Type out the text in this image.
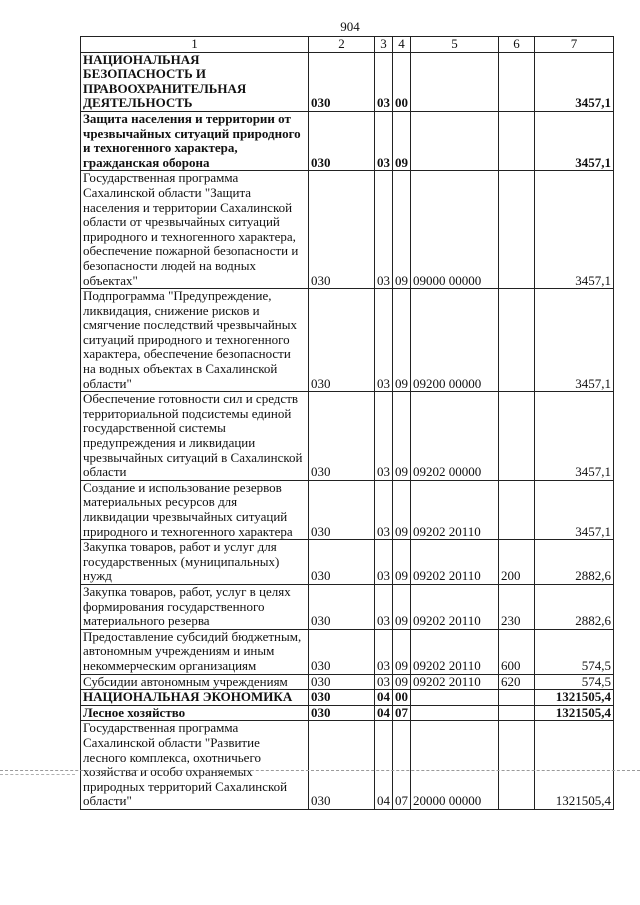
904
1	2	3	4	5	6	7
НАЦИОНАЛЬНАЯ БЕЗОПАСНОСТЬ И ПРАВООХРАНИТЕЛЬНАЯ ДЕЯТЕЛЬНОСТЬ	030	03	00			3457,1
Защита населения и территории от чрезвычайных ситуаций природного и техногенного характера, гражданская оборона	030	03	09			3457,1
Государственная программа Сахалинской области "Защита населения и территории Сахалинской области от чрезвычайных ситуаций природного и техногенного характера, обеспечение пожарной безопасности и безопасности людей на водных объектах"	030	03	09	09000 00000		3457,1
Подпрограмма "Предупреждение, ликвидация, снижение рисков и смягчение последствий чрезвычайных ситуаций природного и техногенного характера, обеспечение безопасности на водных объектах в Сахалинской области"	030	03	09	09200 00000		3457,1
Обеспечение готовности сил и средств территориальной подсистемы единой государственной системы предупреждения и ликвидации чрезвычайных ситуаций в Сахалинской области	030	03	09	09202 00000		3457,1
Создание и использование резервов материальных ресурсов для ликвидации чрезвычайных ситуаций природного и техногенного характера	030	03	09	09202 20110		3457,1
Закупка товаров, работ и услуг для государственных (муниципальных) нужд	030	03	09	09202 20110	200	2882,6
Закупка товаров, работ, услуг в целях формирования государственного материального резерва	030	03	09	09202 20110	230	2882,6
Предоставление субсидий бюджетным, автономным учреждениям и иным некоммерческим организациям	030	03	09	09202 20110	600	574,5
Субсидии автономным учреждениям	030	03	09	09202 20110	620	574,5
НАЦИОНАЛЬНАЯ ЭКОНОМИКА	030	04	00			1321505,4
Лесное хозяйство	030	04	07			1321505,4
Государственная программа Сахалинской области "Развитие лесного комплекса, охотничьего хозяйства и особо охраняемых природных территорий Сахалинской области"	030	04	07	20000 00000		1321505,4
